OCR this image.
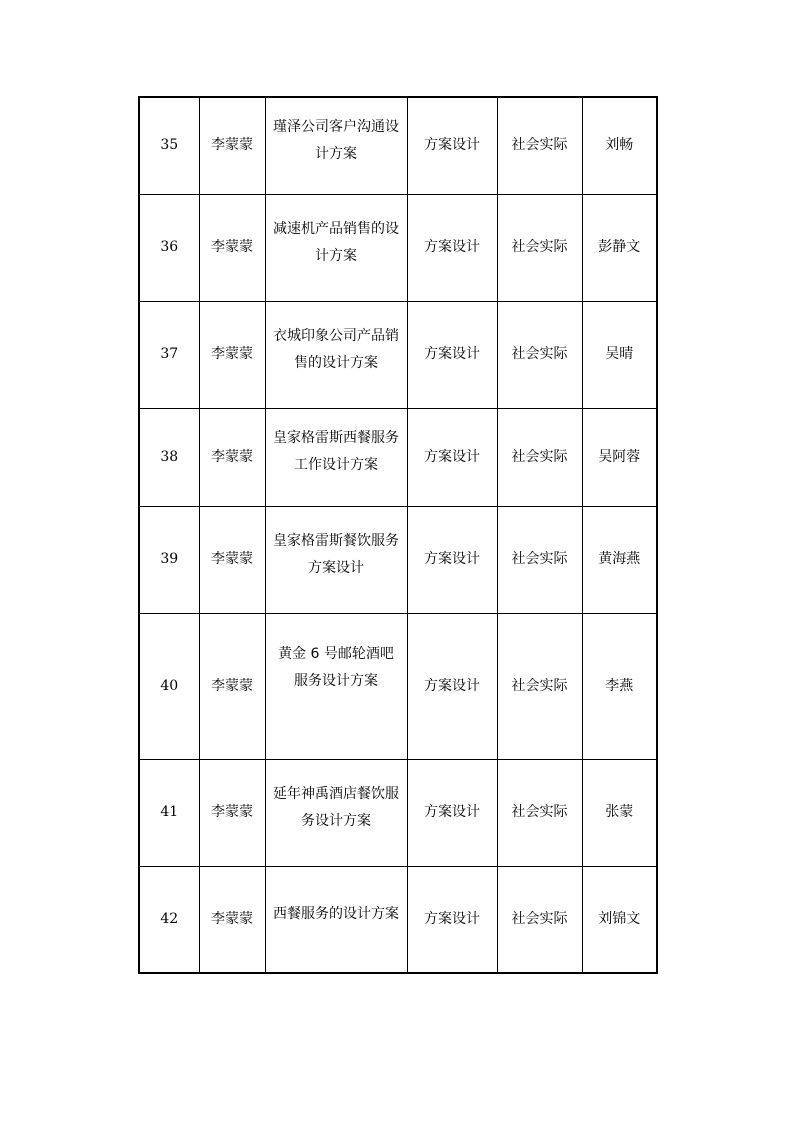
35	李蒙蒙	瑾泽公司客户沟通设计方案	方案设计	社会实际	刘畅
36	李蒙蒙	减速机产品销售的设计方案	方案设计	社会实际	彭静文
37	李蒙蒙	衣城印象公司产品销售的设计方案	方案设计	社会实际	吴晴
38	李蒙蒙	皇家格雷斯西餐服务工作设计方案	方案设计	社会实际	吴阿蓉
39	李蒙蒙	皇家格雷斯餐饮服务方案设计	方案设计	社会实际	黄海燕
40	李蒙蒙	黄金 6 号邮轮酒吧服务设计方案	方案设计	社会实际	李燕
41	李蒙蒙	延年神禹酒店餐饮服务设计方案	方案设计	社会实际	张蒙
42	李蒙蒙	西餐服务的设计方案	方案设计	社会实际	刘锦文
